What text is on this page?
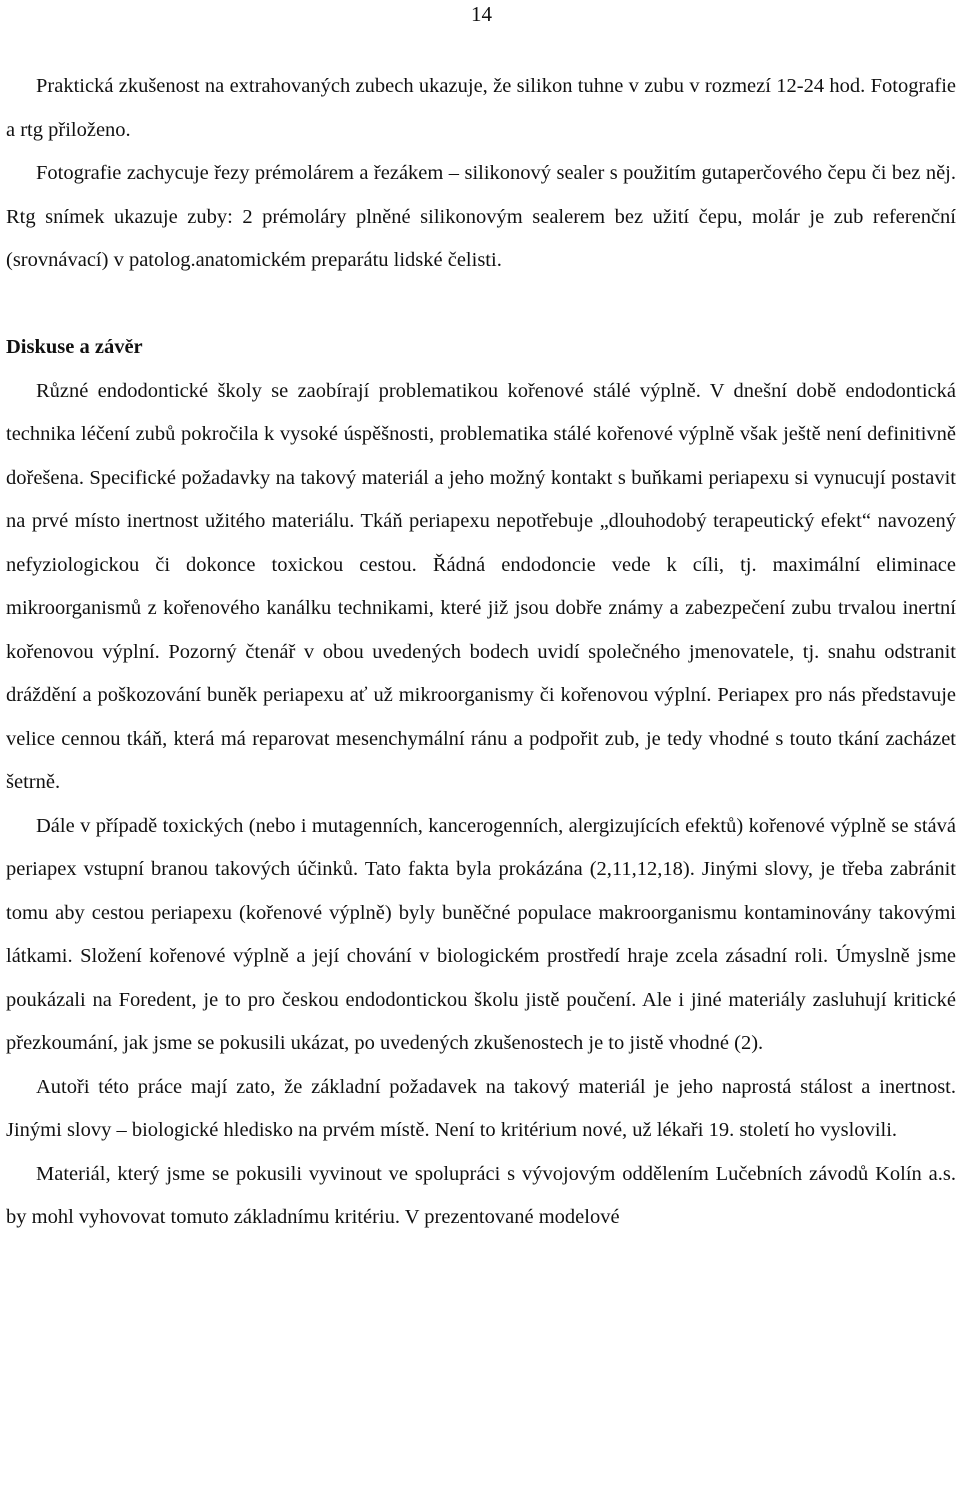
14

Praktická zkušenost na extrahovaných zubech ukazuje, že silikon tuhne v zubu v rozmezí 12-24 hod. Fotografie a rtg přiloženo.

Fotografie zachycuje řezy prémolárem a řezákem – silikonový sealer s použitím gutaperčového čepu či bez něj. Rtg snímek ukazuje zuby: 2 prémoláry plněné silikonovým sealerem bez užití čepu, molár je zub referenční (srovnávací) v patolog.anatomickém preparátu lidské čelisti.

Diskuse a závěr

Různé endodontické školy se zaobírají problematikou kořenové stálé výplně. V dnešní době endodontická technika léčení zubů pokročila k vysoké úspěšnosti, problematika stálé kořenové výplně však ještě není definitivně dořešena. Specifické požadavky na takový materiál a jeho možný kontakt s buňkami periapexu si vynucují postavit na prvé místo inertnost užitého materiálu. Tkáň periapexu nepotřebuje „dlouhodobý terapeutický efekt“ navozený nefyziologickou či dokonce toxickou cestou. Řádná endodoncie vede k cíli, tj. maximální eliminace mikroorganismů z kořenového kanálku technikami, které již jsou dobře známy a zabezpečení zubu trvalou inertní kořenovou výplní. Pozorný čtenář v obou uvedených bodech uvidí společného jmenovatele, tj. snahu odstranit dráždění a poškozování buněk periapexu ať už mikroorganismy či kořenovou výplní. Periapex pro nás představuje velice cennou tkáň, která má reparovat mesenchymální ránu a podpořit zub, je tedy vhodné s touto tkání zacházet šetrně.

Dále v případě toxických (nebo i mutagenních, kancerogenních, alergizujících efektů) kořenové výplně se stává periapex vstupní branou takových účinků. Tato fakta byla prokázána (2,11,12,18). Jinými slovy, je třeba zabránit tomu aby cestou periapexu (kořenové výplně) byly buněčné populace makroorganismu kontaminovány takovými látkami. Složení kořenové výplně a její chování v biologickém prostředí hraje zcela zásadní roli. Úmyslně jsme poukázali na Foredent, je to pro českou endodontickou školu jistě poučení. Ale i jiné materiály zasluhují kritické přezkoumání, jak jsme se pokusili ukázat, po uvedených zkušenostech je to jistě vhodné (2).

Autoři této práce mají zato, že základní požadavek na takový materiál je jeho naprostá stálost a inertnost. Jinými slovy – biologické hledisko na prvém místě. Není to kritérium nové, už lékaři 19. století ho vyslovili.

Materiál, který jsme se pokusili vyvinout ve spolupráci s vývojovým oddělením Lučebních závodů Kolín a.s. by mohl vyhovovat tomuto základnímu kritériu. V prezentované modelové
